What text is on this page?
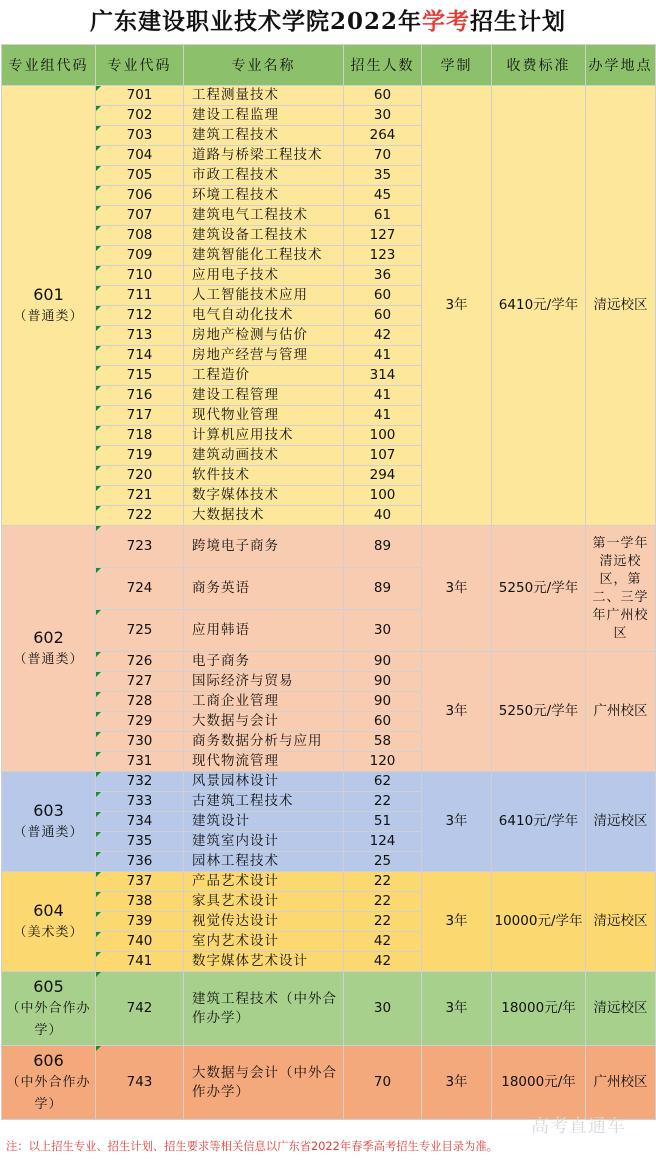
广东建设职业技术学院2022年学考招生计划
专业组代码	专业代码	专业名称	招生人数	学制	收费标准	办学地点

601
（普通类）	701	工程测量技术	60	3年	6410元/学年	清远校区
	702	建设工程监理	30			
	703	建筑工程技术	264			
	704	道路与桥梁工程技术	70			
	705	市政工程技术	35			
	706	环境工程技术	45			
	707	建筑电气工程技术	61			
	708	建筑设备工程技术	127			
	709	建筑智能化工程技术	123			
	710	应用电子技术	36			
	711	人工智能技术应用	60			
	712	电气自动化技术	60			
	713	房地产检测与估价	42			
	714	房地产经营与管理	41			
	715	工程造价	314			
	716	建设工程管理	41			
	717	现代物业管理	41			
	718	计算机应用技术	100			
	719	建筑动画技术	107			
	720	软件技术	294			
	721	数字媒体技术	100			
	722	大数据技术	40			

602
（普通类）	723	跨境电子商务	89	3年	5250元/学年	第一学年清远校区，第二、三学年广州校区
	724	商务英语	89			
	725	应用韩语	30			
	726	电子商务	90	3年	5250元/学年	广州校区
	727	国际经济与贸易	90			
	728	工商企业管理	90			
	729	大数据与会计	60			
	730	商务数据分析与应用	58			
	731	现代物流管理	120			

603
（普通类）	732	风景园林设计	62	3年	6410元/学年	清远校区
	733	古建筑工程技术	22			
	734	建筑设计	51			
	735	建筑室内设计	124			
	736	园林工程技术	25			

604
（美术类）	737	产品艺术设计	22	3年	10000元/学年	清远校区
	738	家具艺术设计	22			
	739	视觉传达设计	22			
	740	室内艺术设计	42			
	741	数字媒体艺术设计	42			

605
（中外合作办学）	742	建筑工程技术（中外合作办学）	30	3年	18000元/年	清远校区

606
（中外合作办学）	743	大数据与会计（中外合作办学）	70	3年	18000元/年	广州校区
高考直通车
注：以上招生专业、招生计划、招生要求等相关信息以广东省2022年春季高考招生专业目录为准。
